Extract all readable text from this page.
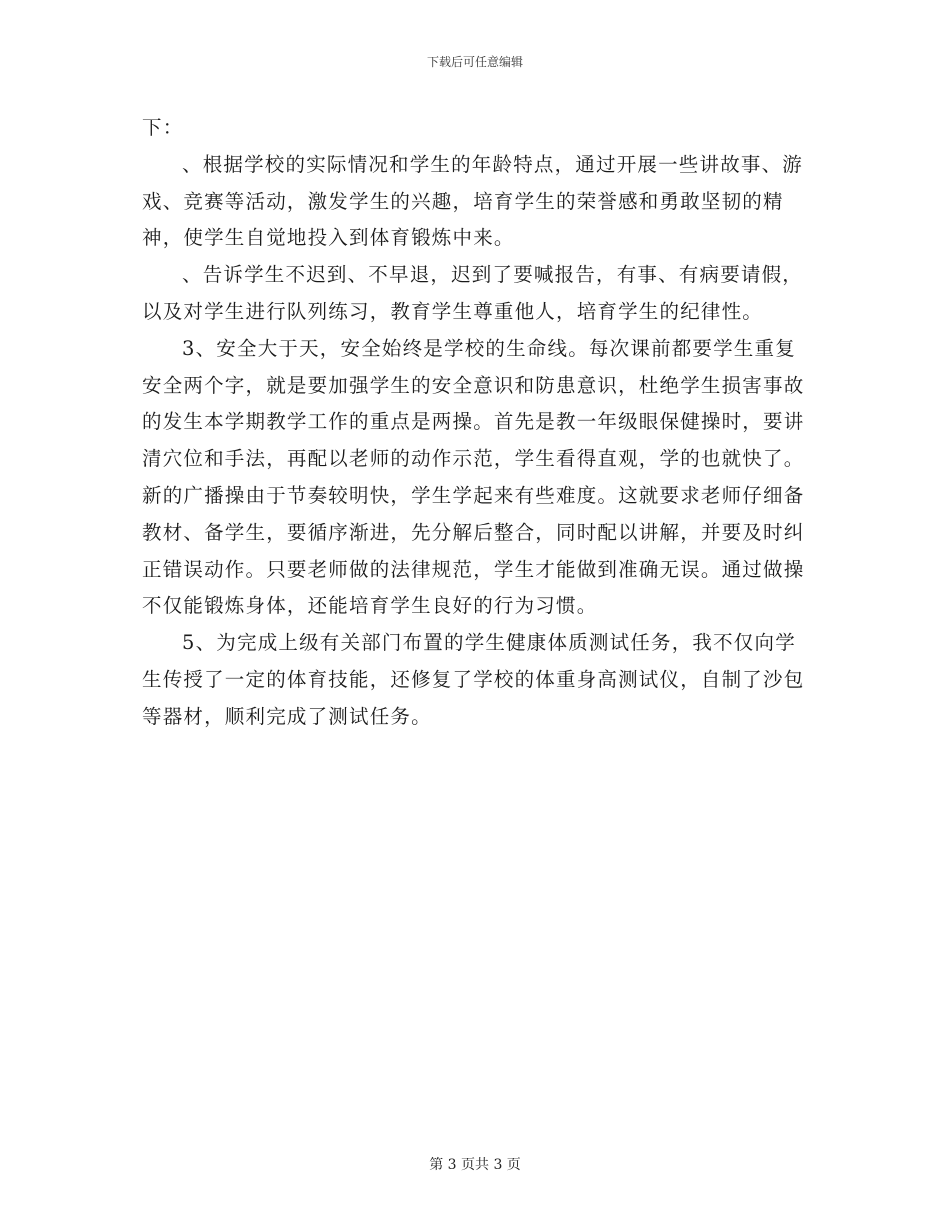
下载后可任意编辑

下：

、根据学校的实际情况和学生的年龄特点，通过开展一些讲故事、游戏、竞赛等活动，激发学生的兴趣，培育学生的荣誉感和勇敢坚韧的精神，使学生自觉地投入到体育锻炼中来。

、告诉学生不迟到、不早退，迟到了要喊报告，有事、有病要请假，以及对学生进行队列练习，教育学生尊重他人，培育学生的纪律性。

3、安全大于天，安全始终是学校的生命线。每次课前都要学生重复安全两个字，就是要加强学生的安全意识和防患意识，杜绝学生损害事故的发生本学期教学工作的重点是两操。首先是教一年级眼保健操时，要讲清穴位和手法，再配以老师的动作示范，学生看得直观，学的也就快了。新的广播操由于节奏较明快，学生学起来有些难度。这就要求老师仔细备教材、备学生，要循序渐进，先分解后整合，同时配以讲解，并要及时纠正错误动作。只要老师做的法律规范，学生才能做到准确无误。通过做操不仅能锻炼身体，还能培育学生良好的行为习惯。

5、为完成上级有关部门布置的学生健康体质测试任务，我不仅向学生传授了一定的体育技能，还修复了学校的体重身高测试仪，自制了沙包等器材，顺利完成了测试任务。

第 3 页共 3 页
